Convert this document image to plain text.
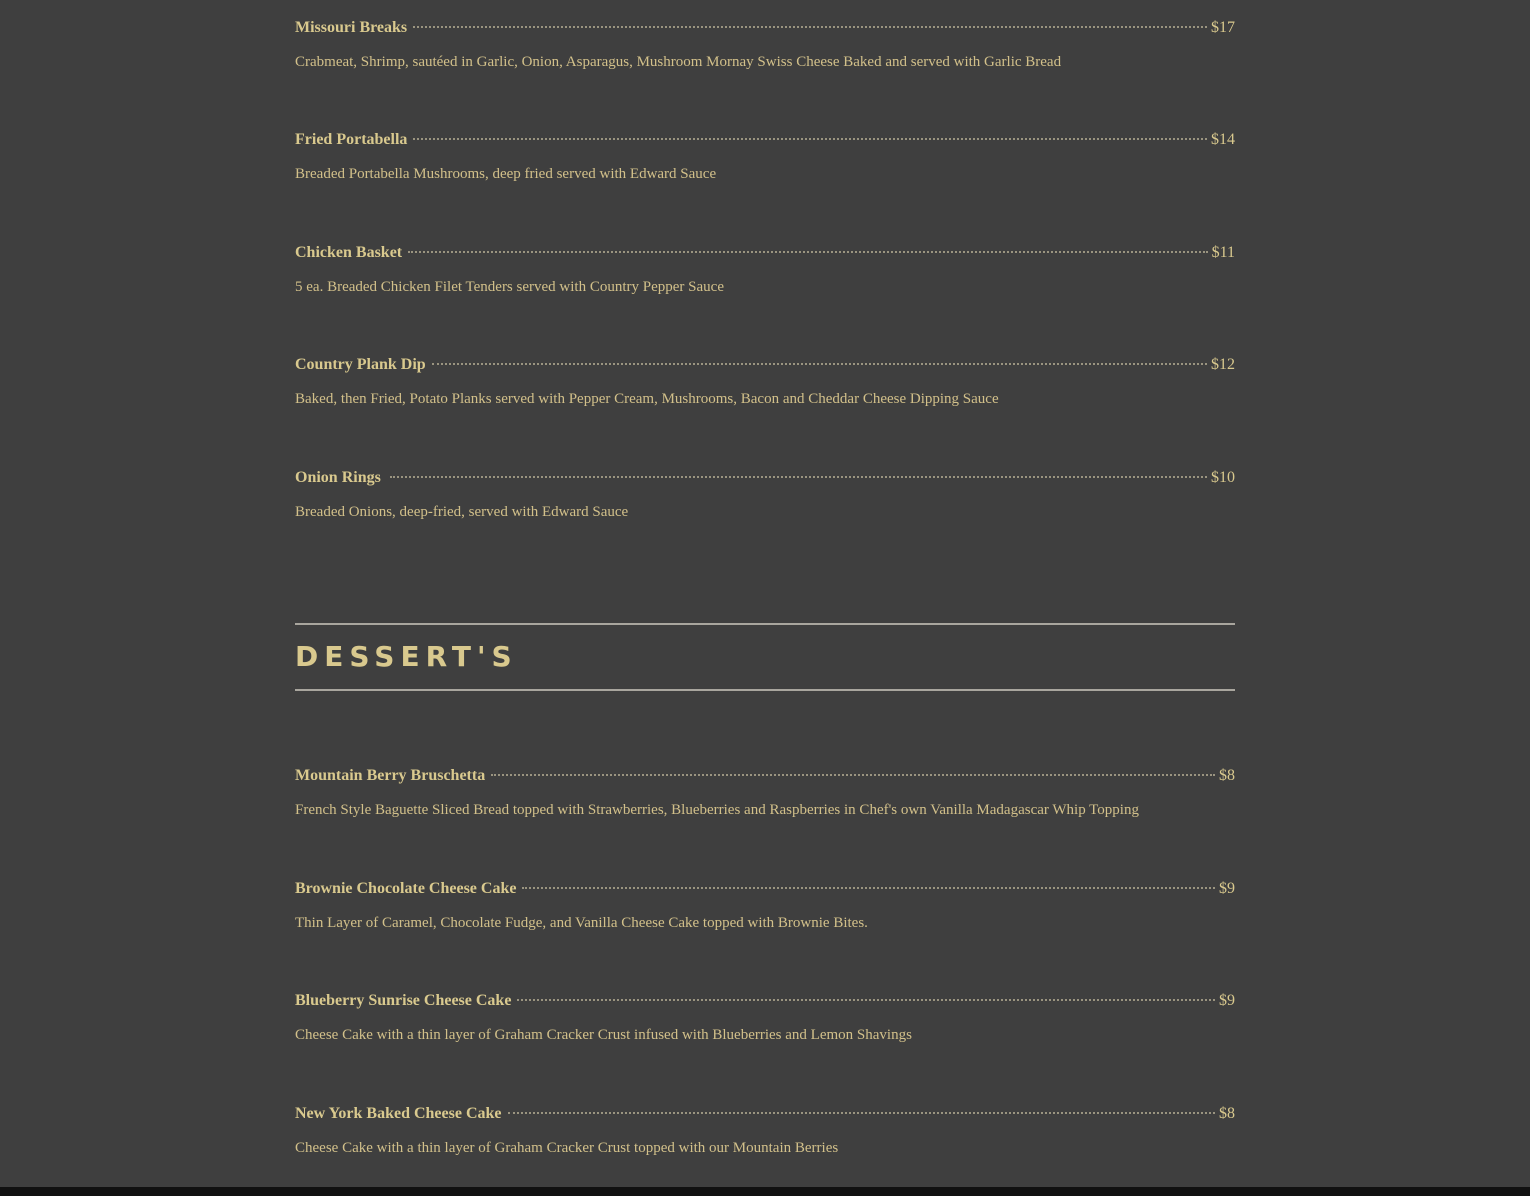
Missouri Breaks	$17
Crabmeat, Shrimp, sautéed in Garlic, Onion, Asparagus, Mushroom Mornay Swiss Cheese Baked and served with Garlic Bread
Fried Portabella	$14
Breaded Portabella Mushrooms, deep fried served with Edward Sauce
Chicken Basket	$11
5 ea. Breaded Chicken Filet Tenders served with Country Pepper Sauce
Country Plank Dip	$12
Baked, then Fried, Potato Planks served with Pepper Cream, Mushrooms, Bacon and Cheddar Cheese Dipping Sauce
Onion Rings	$10
Breaded Onions, deep-fried, served with Edward Sauce
DESSERT'S
Mountain Berry Bruschetta	$8
French Style Baguette Sliced Bread topped with Strawberries, Blueberries and Raspberries in Chef's own Vanilla Madagascar Whip Topping
Brownie Chocolate Cheese Cake	$9
Thin Layer of Caramel, Chocolate Fudge, and Vanilla Cheese Cake topped with Brownie Bites.
Blueberry Sunrise Cheese Cake	$9
Cheese Cake with a thin layer of Graham Cracker Crust infused with Blueberries and Lemon Shavings
New York Baked Cheese Cake	$8
Cheese Cake with a thin layer of Graham Cracker Crust topped with our Mountain Berries
